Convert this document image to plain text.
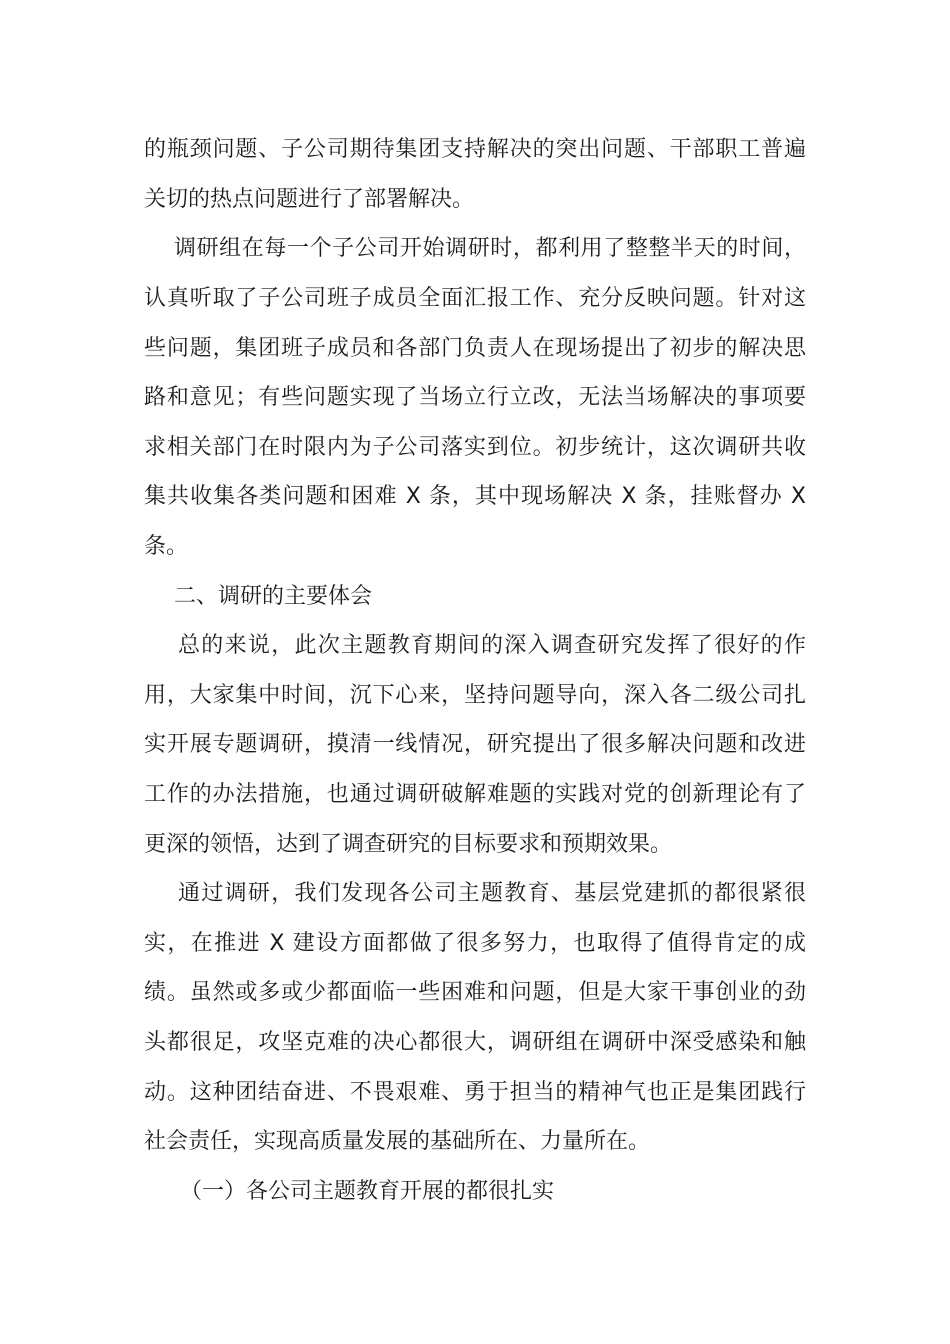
的瓶颈问题、子公司期待集团支持解决的突出问题、干部职工普遍
关切的热点问题进行了部署解决。
调研组在每一个子公司开始调研时，都利用了整整半天的时间，
认真听取了子公司班子成员全面汇报工作、充分反映问题。针对这
些问题，集团班子成员和各部门负责人在现场提出了初步的解决思
路和意见；有些问题实现了当场立行立改，无法当场解决的事项要
求相关部门在时限内为子公司落实到位。初步统计，这次调研共收
集共收集各类问题和困难 X 条，其中现场解决 X 条，挂账督办 X
条。
二、调研的主要体会
总的来说，此次主题教育期间的深入调查研究发挥了很好的作
用，大家集中时间，沉下心来，坚持问题导向，深入各二级公司扎
实开展专题调研，摸清一线情况，研究提出了很多解决问题和改进
工作的办法措施，也通过调研破解难题的实践对党的创新理论有了
更深的领悟，达到了调查研究的目标要求和预期效果。
通过调研，我们发现各公司主题教育、基层党建抓的都很紧很
实，在推进 X 建设方面都做了很多努力，也取得了值得肯定的成
绩。虽然或多或少都面临一些困难和问题，但是大家干事创业的劲
头都很足，攻坚克难的决心都很大，调研组在调研中深受感染和触
动。这种团结奋进、不畏艰难、勇于担当的精神气也正是集团践行
社会责任，实现高质量发展的基础所在、力量所在。
（一）各公司主题教育开展的都很扎实
